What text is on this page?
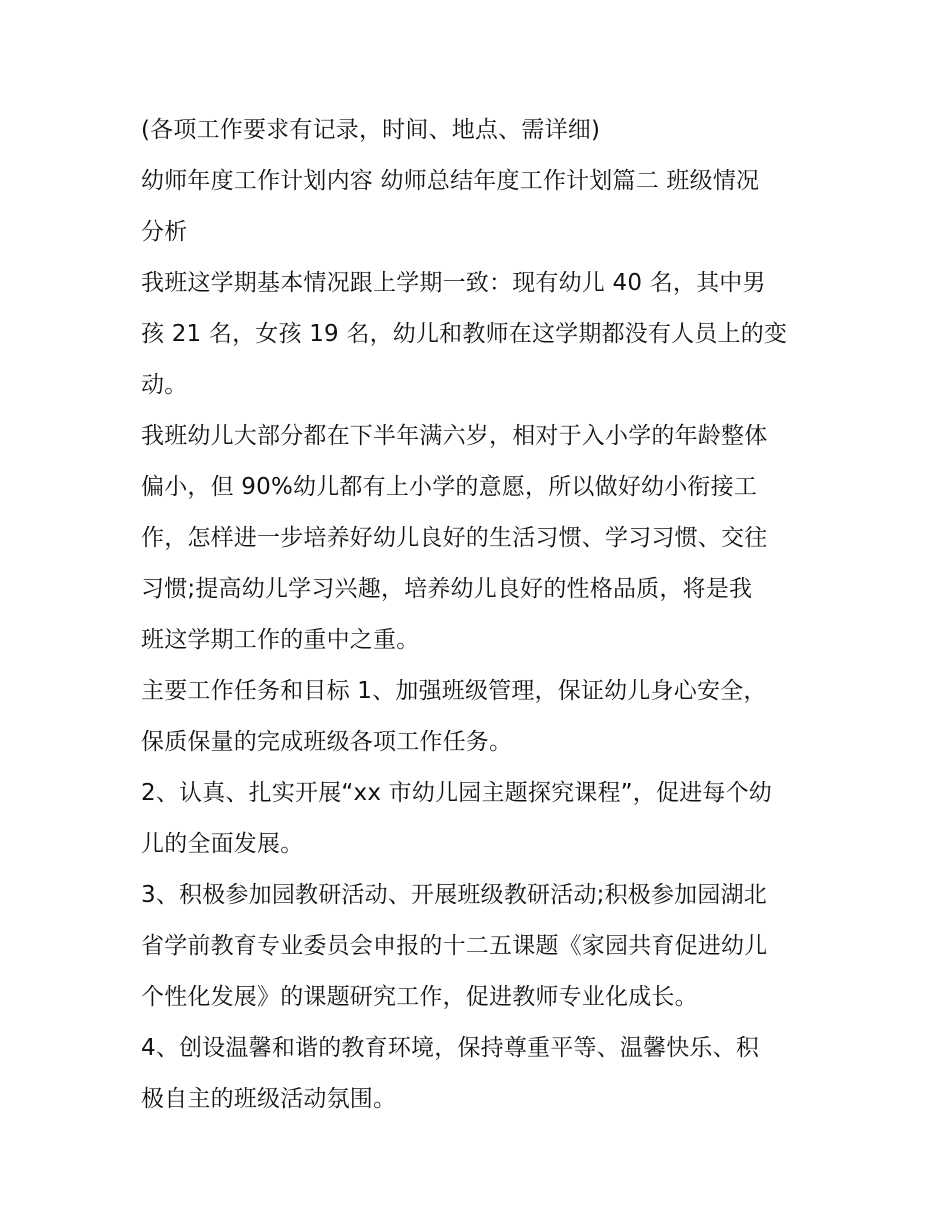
(各项工作要求有记录，时间、地点、需详细)

幼师年度工作计划内容 幼师总结年度工作计划篇二 班级情况
分析

我班这学期基本情况跟上学期一致：现有幼儿 40 名，其中男
孩 21 名，女孩 19 名，幼儿和教师在这学期都没有人员上的变
动。

我班幼儿大部分都在下半年满六岁，相对于入小学的年龄整体
偏小，但 90%幼儿都有上小学的意愿，所以做好幼小衔接工
作，怎样进一步培养好幼儿良好的生活习惯、学习习惯、交往
习惯;提高幼儿学习兴趣，培养幼儿良好的性格品质，将是我
班这学期工作的重中之重。

主要工作任务和目标 1、加强班级管理，保证幼儿身心安全，
保质保量的完成班级各项工作任务。

2、认真、扎实开展“xx 市幼儿园主题探究课程”，促进每个幼
儿的全面发展。

3、积极参加园教研活动、开展班级教研活动;积极参加园湖北
省学前教育专业委员会申报的十二五课题《家园共育促进幼儿
个性化发展》的课题研究工作，促进教师专业化成长。

4、创设温馨和谐的教育环境，保持尊重平等、温馨快乐、积
极自主的班级活动氛围。
